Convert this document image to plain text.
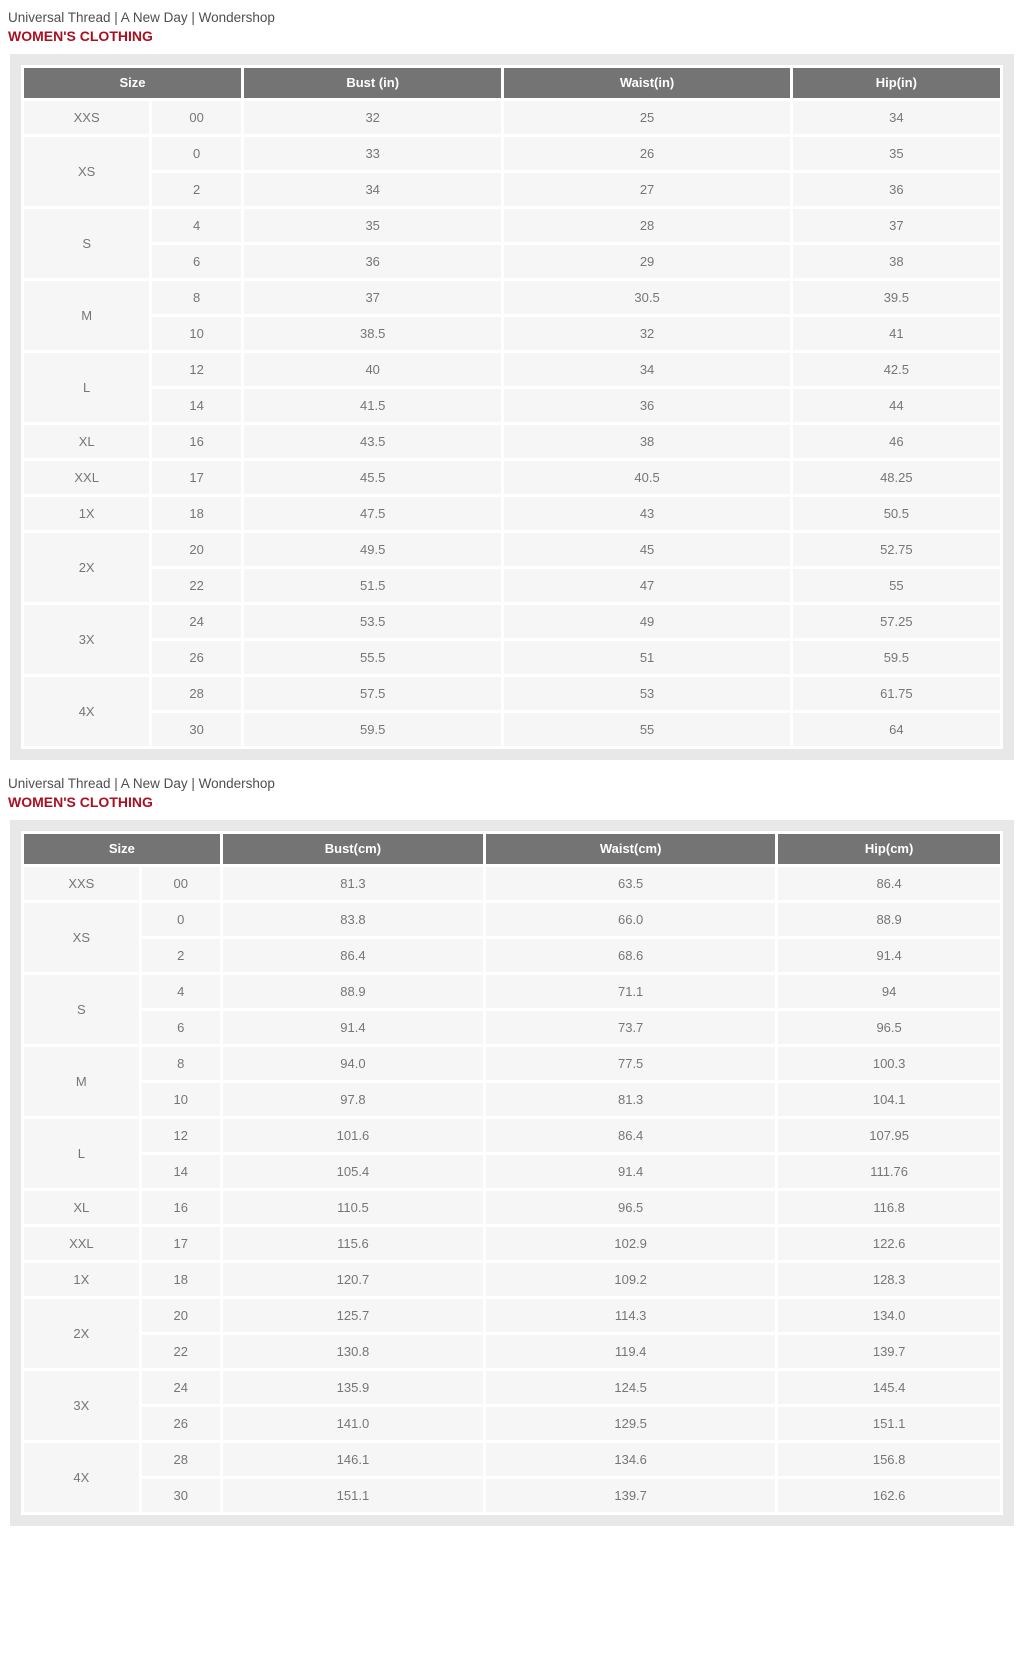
Universal Thread | A New Day | Wondershop
WOMEN'S CLOTHING
Size		Bust (in)	Waist(in)	Hip(in)
XXS	00	32	25	34
XS	0	33	26	35
	2	34	27	36
S	4	35	28	37
	6	36	29	38
M	8	37	30.5	39.5
	10	38.5	32	41
L	12	40	34	42.5
	14	41.5	36	44
XL	16	43.5	38	46
XXL	17	45.5	40.5	48.25
1X	18	47.5	43	50.5
2X	20	49.5	45	52.75
	22	51.5	47	55
3X	24	53.5	49	57.25
	26	55.5	51	59.5
4X	28	57.5	53	61.75
	30	59.5	55	64
Universal Thread | A New Day | Wondershop
WOMEN'S CLOTHING
Size		Bust(cm)	Waist(cm)	Hip(cm)
XXS	00	81.3	63.5	86.4
XS	0	83.8	66.0	88.9
	2	86.4	68.6	91.4
S	4	88.9	71.1	94
	6	91.4	73.7	96.5
M	8	94.0	77.5	100.3
	10	97.8	81.3	104.1
L	12	101.6	86.4	107.95
	14	105.4	91.4	111.76
XL	16	110.5	96.5	116.8
XXL	17	115.6	102.9	122.6
1X	18	120.7	109.2	128.3
2X	20	125.7	114.3	134.0
	22	130.8	119.4	139.7
3X	24	135.9	124.5	145.4
	26	141.0	129.5	151.1
4X	28	146.1	134.6	156.8
	30	151.1	139.7	162.6
